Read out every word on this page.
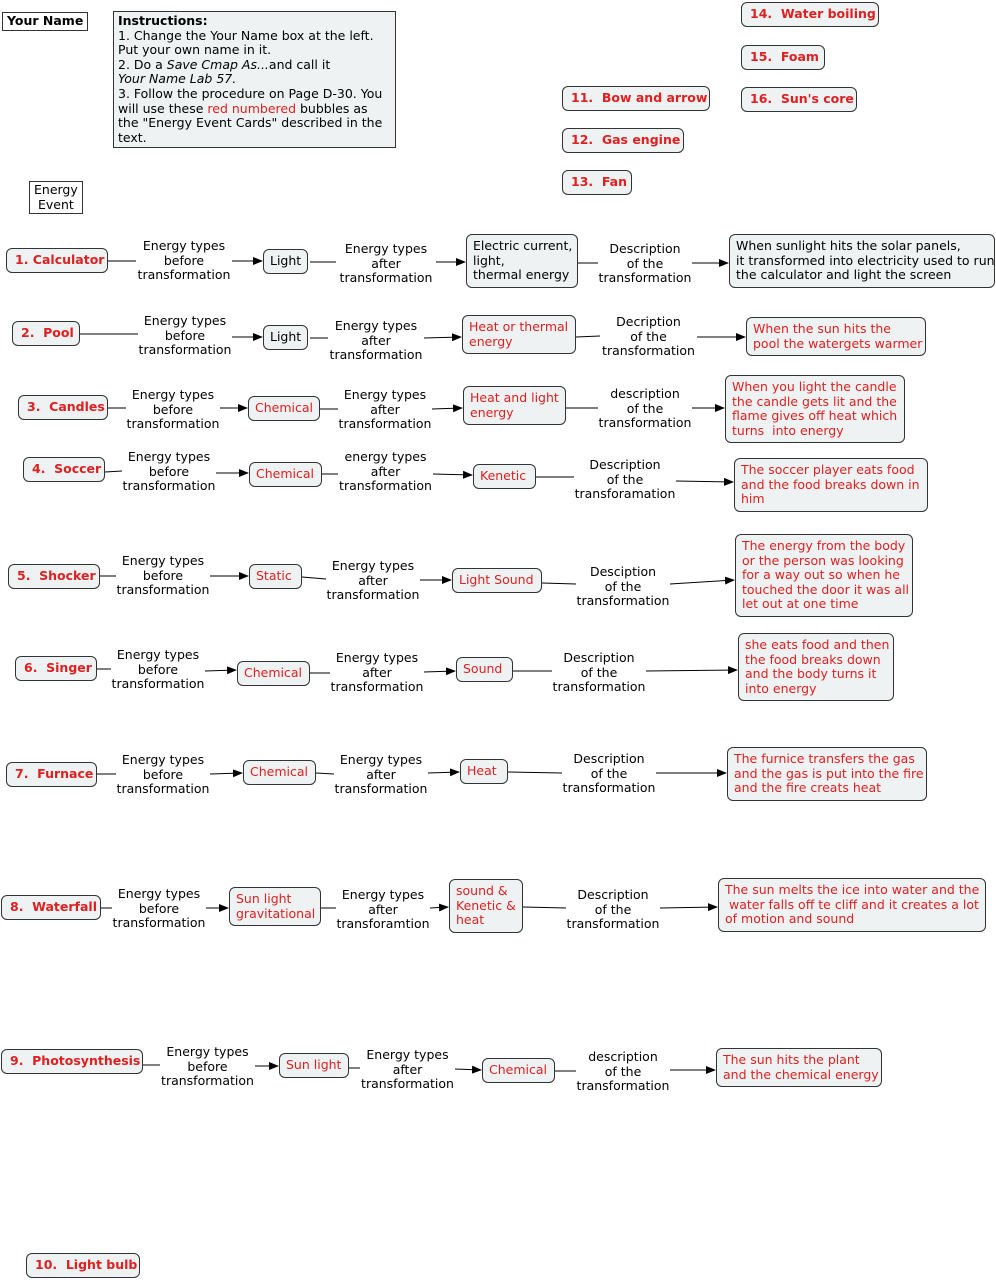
Your Name	Instructions:
1. Change the Your Name box at the left. Put your own name in it.
2. Do a Save Cmap As...and call it
Your Name Lab 57.
3. Follow the procedure on Page D-30. You will use these red numbered bubbles as the "Energy Event Cards" described in the text.
Energy
Event
11.  Bow and arrow
12.  Gas engine
13.  Fan
14.  Water boiling
15.  Foam
16.  Sun's core
1. Calculator
Energy types
before
transformation
Light
Energy types
after
transformation
Electric current,
light,
thermal energy
Description
of the
transformation
When sunlight hits the solar panels,
it transformed into electricity used to run
the calculator and light the screen
2.  Pool
Energy types
before
transformation
Light
Energy types
after
transformation
Heat or thermal
energy
Decription
of the
transformation
When the sun hits the
pool the watergets warmer
3.  Candles
Energy types
before
transformation
Chemical
Energy types
after
transformation
Heat and light
energy
description
of the
transformation
When you light the candle
the candle gets lit and the
flame gives off heat which
turns  into energy
4.  Soccer
Energy types
before
transformation
Chemical
energy types
after
transformation
Kenetic
Description
of the
transforamation
The soccer player eats food
and the food breaks down in
him
5.  Shocker
Energy types
before
transformation
Static
Energy types
after
transformation
Light Sound
Desciption
of the
transformation
The energy from the body
or the person was looking
for a way out so when he
touched the door it was all
let out at one time
6.  Singer
Energy types
before
transformation
Chemical
Energy types
after
transformation
Sound
Description
of the
transformation
she eats food and then
the food breaks down
and the body turns it
into energy
7.  Furnace
Energy types
before
transformation
Chemical
Energy types
after
transformation
Heat
Description
of the
transformation
The furnice transfers the gas
and the gas is put into the fire
and the fire creats heat
8.  Waterfall
Energy types
before
transformation
Sun light
gravitational
Energy types
after
transforamtion
sound &
Kenetic &
heat
Description
of the
transformation
The sun melts the ice into water and the
water falls off te cliff and it creates a lot
of motion and sound
9.  Photosynthesis
Energy types
before
transformation
Sun light
Energy types
after
transformation
Chemical
description
of the
transformation
The sun hits the plant
and the chemical energy
10.  Light bulb
